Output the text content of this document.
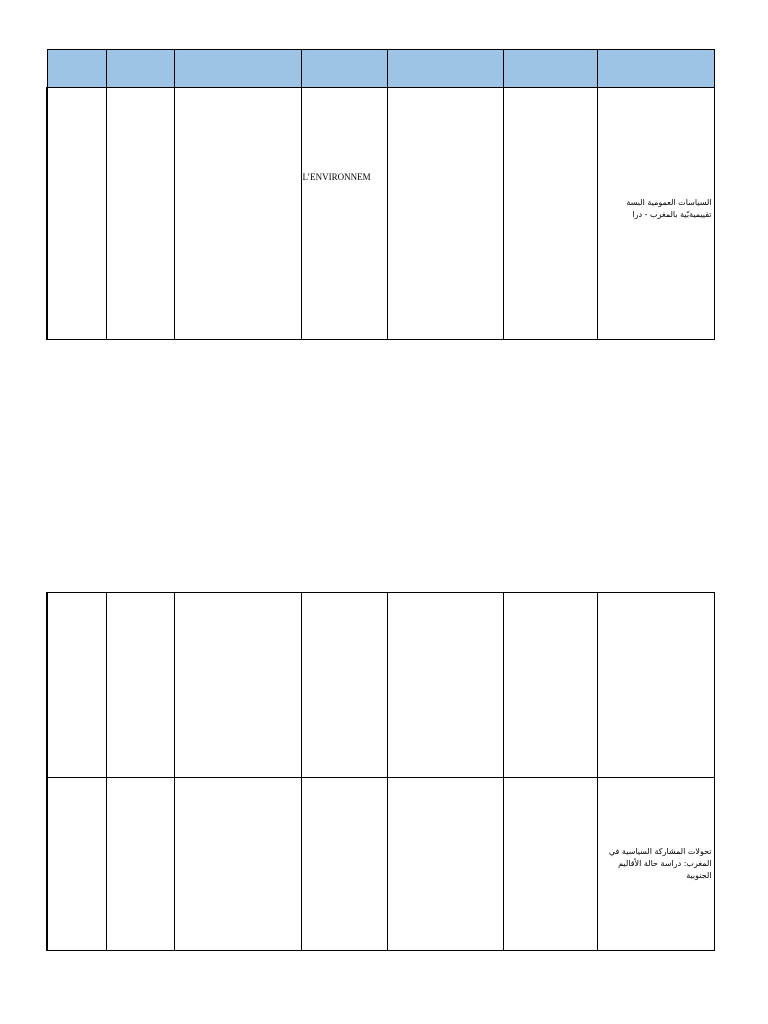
			L’ENVIRONNEM			السياسات العمومية البسة تقييميةبّية بالمغرب - درا

						تحولات المشاركة السياسية في المغرب: دراسة حالة الأقاليم الجنوبية
